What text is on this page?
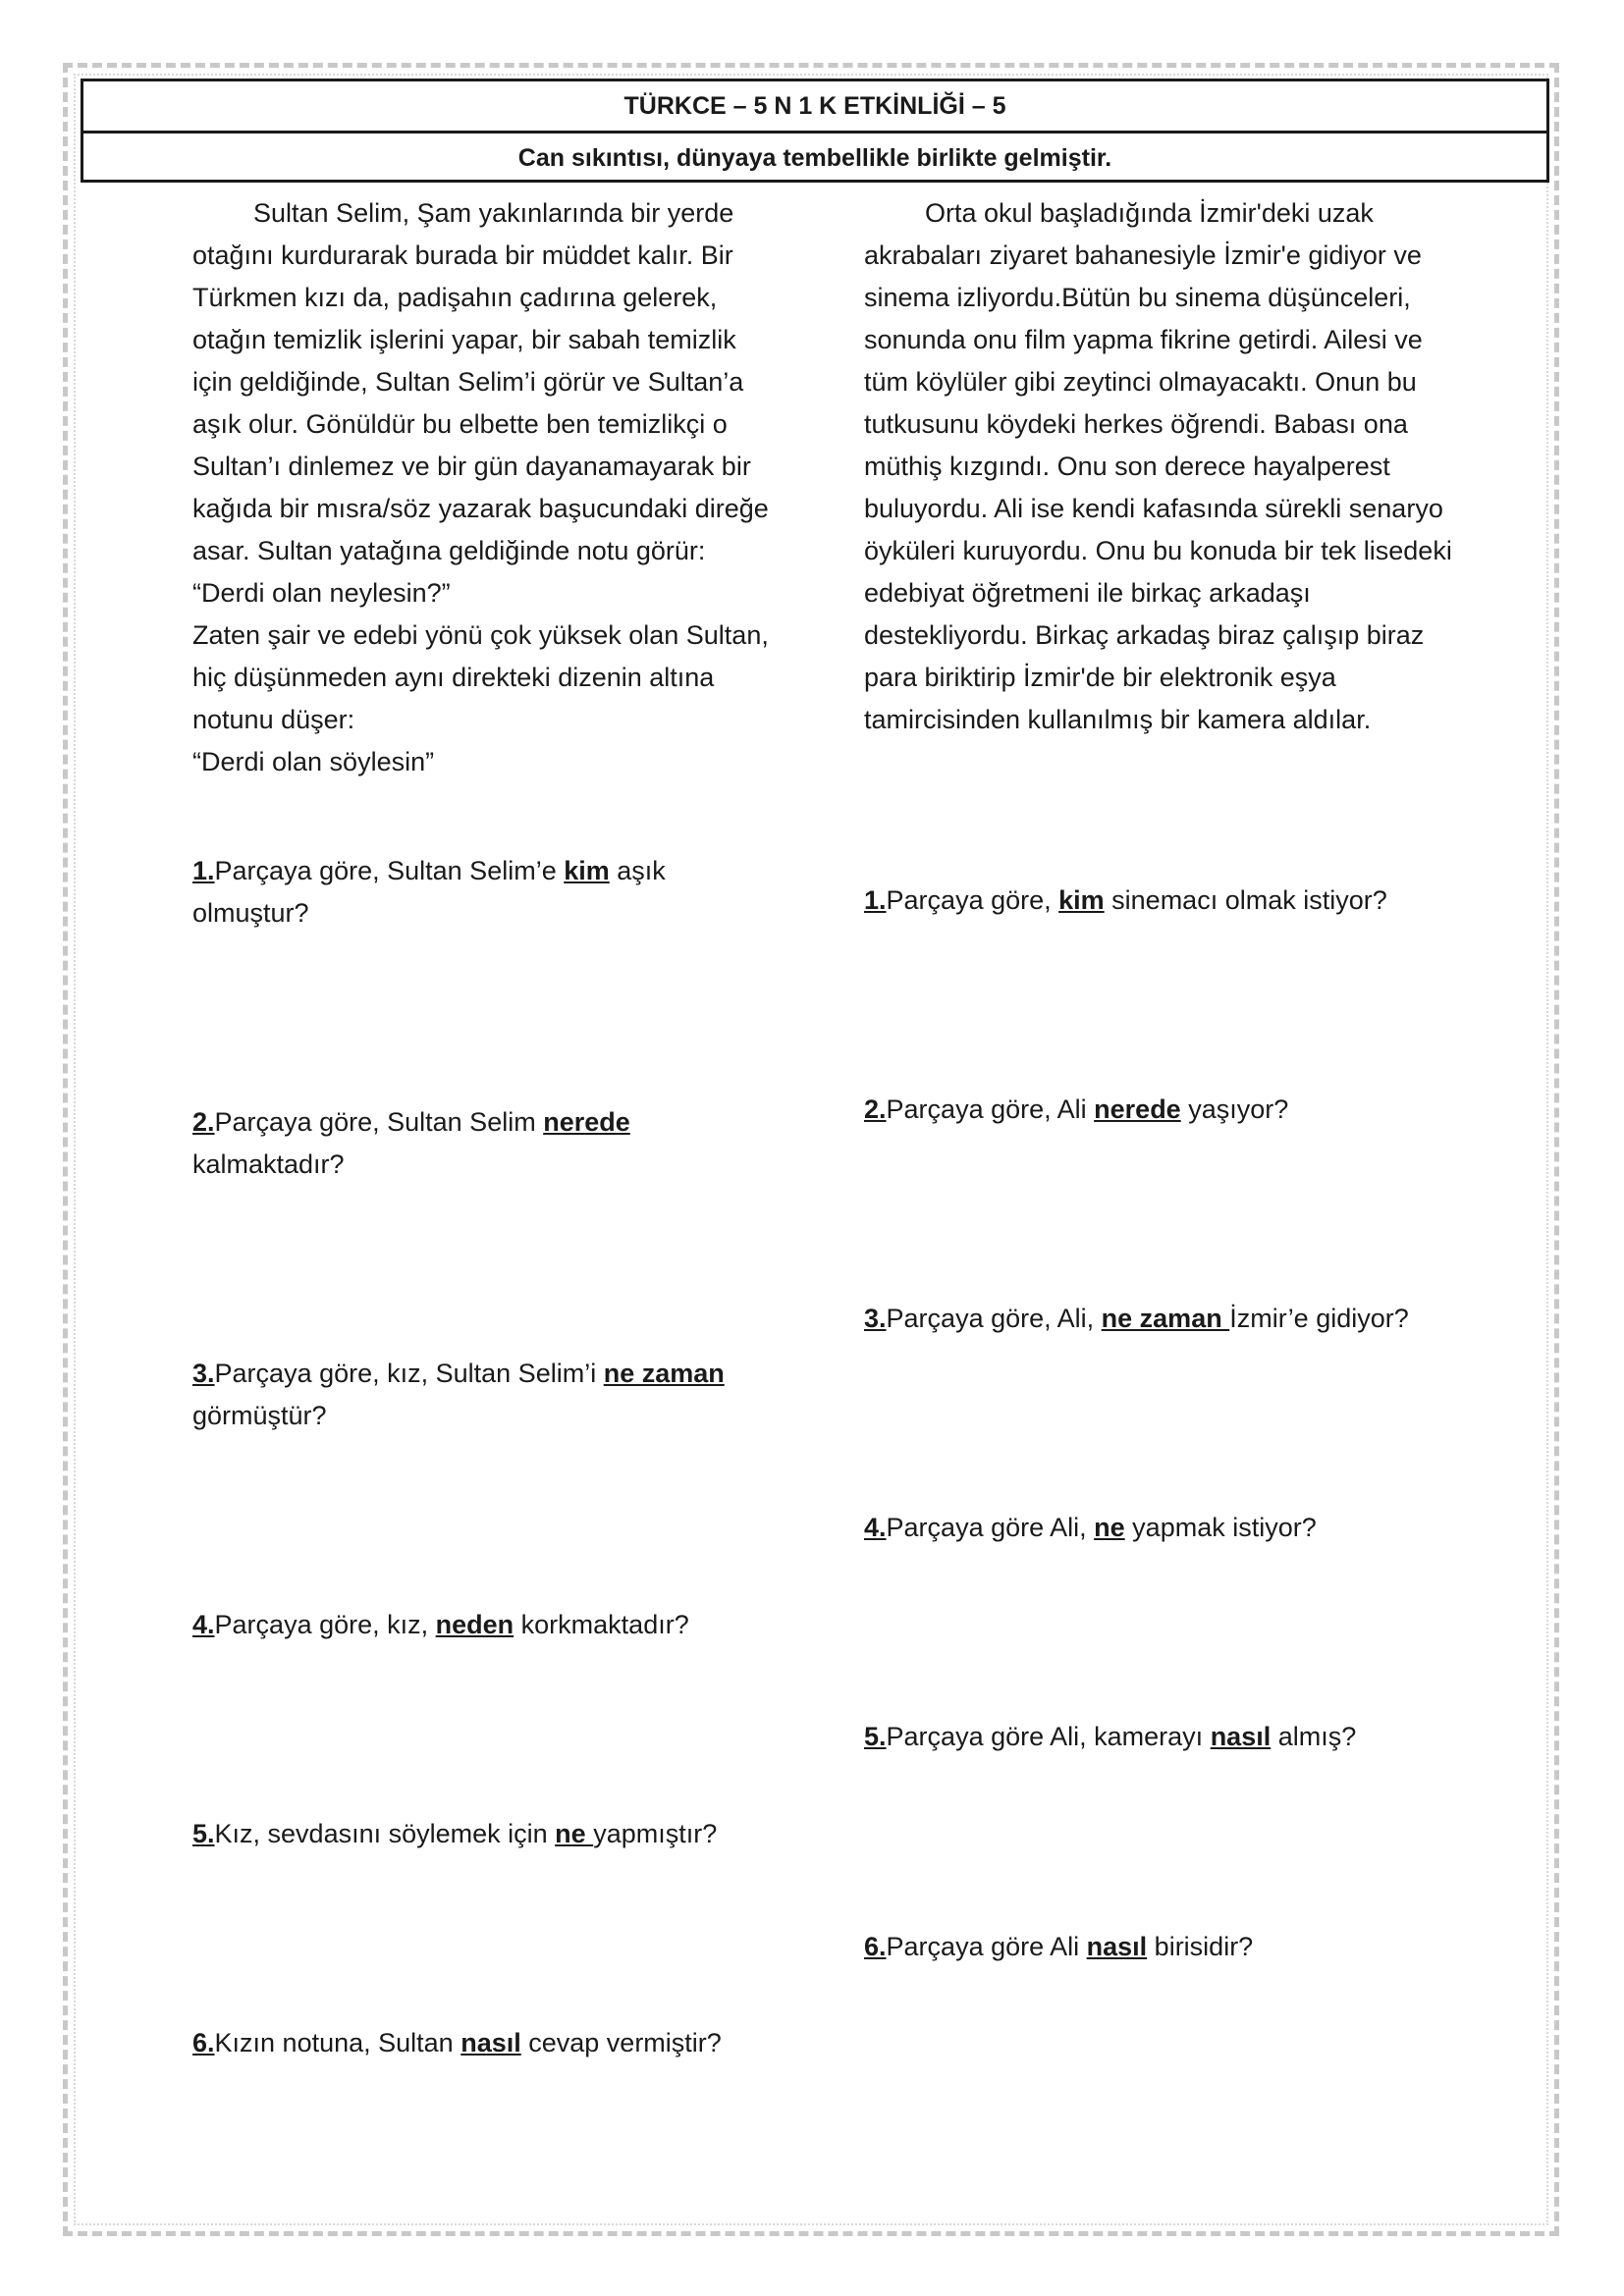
TÜRKCE – 5 N 1 K ETKİNLİĞİ – 5
Can sıkıntısı, dünyaya tembellikle birlikte gelmiştir.

Sultan Selim, Şam yakınlarında bir yerde otağını kurdurarak burada bir müddet kalır. Bir Türkmen kızı da, padişahın çadırına gelerek, otağın temizlik işlerini yapar, bir sabah temizlik için geldiğinde, Sultan Selim’i görür ve Sultan’a aşık olur. Gönüldür bu elbette ben temizlikçi o Sultan’ı dinlemez ve bir gün dayanamayarak bir kağıda bir mısra/söz yazarak başucundaki direğe asar. Sultan yatağına geldiğinde notu görür:

“Derdi olan neylesin?”

Zaten şair ve edebi yönü çok yüksek olan Sultan, hiç düşünmeden aynı direkteki dizenin altına notunu düşer:

“Derdi olan söylesin”

Orta okul başladığında İzmir'deki uzak akrabaları ziyaret bahanesiyle İzmir'e gidiyor ve sinema izliyordu.Bütün bu sinema düşünceleri, sonunda onu film yapma fikrine getirdi. Ailesi ve tüm köylüler gibi zeytinci olmayacaktı. Onun bu tutkusunu köydeki herkes öğrendi. Babası ona müthiş kızgındı. Onu son derece hayalperest buluyordu. Ali ise kendi kafasında sürekli senaryo öyküleri kuruyordu. Onu bu konuda bir tek lisedeki edebiyat öğretmeni ile birkaç arkadaşı destekliyordu. Birkaç arkadaş biraz çalışıp biraz para biriktirip İzmir'de bir elektronik eşya tamircisinden kullanılmış bir kamera aldılar.

1.Parçaya göre, Sultan Selim’e kim aşık olmuştur?
2.Parçaya göre, Sultan Selim nerede kalmaktadır?
3.Parçaya göre, kız, Sultan Selim’i ne zaman görmüştür?
4.Parçaya göre, kız, neden korkmaktadır?
5.Kız, sevdasını söylemek için ne yapmıştır?
6.Kızın notuna, Sultan nasıl cevap vermiştir?
1.Parçaya göre, kim sinemacı olmak istiyor?
2.Parçaya göre, Ali nerede yaşıyor?
3.Parçaya göre, Ali, ne zaman İzmir’e gidiyor?
4.Parçaya göre Ali, ne yapmak istiyor?
5.Parçaya göre Ali, kamerayı nasıl almış?
6.Parçaya göre Ali nasıl birisidir?
